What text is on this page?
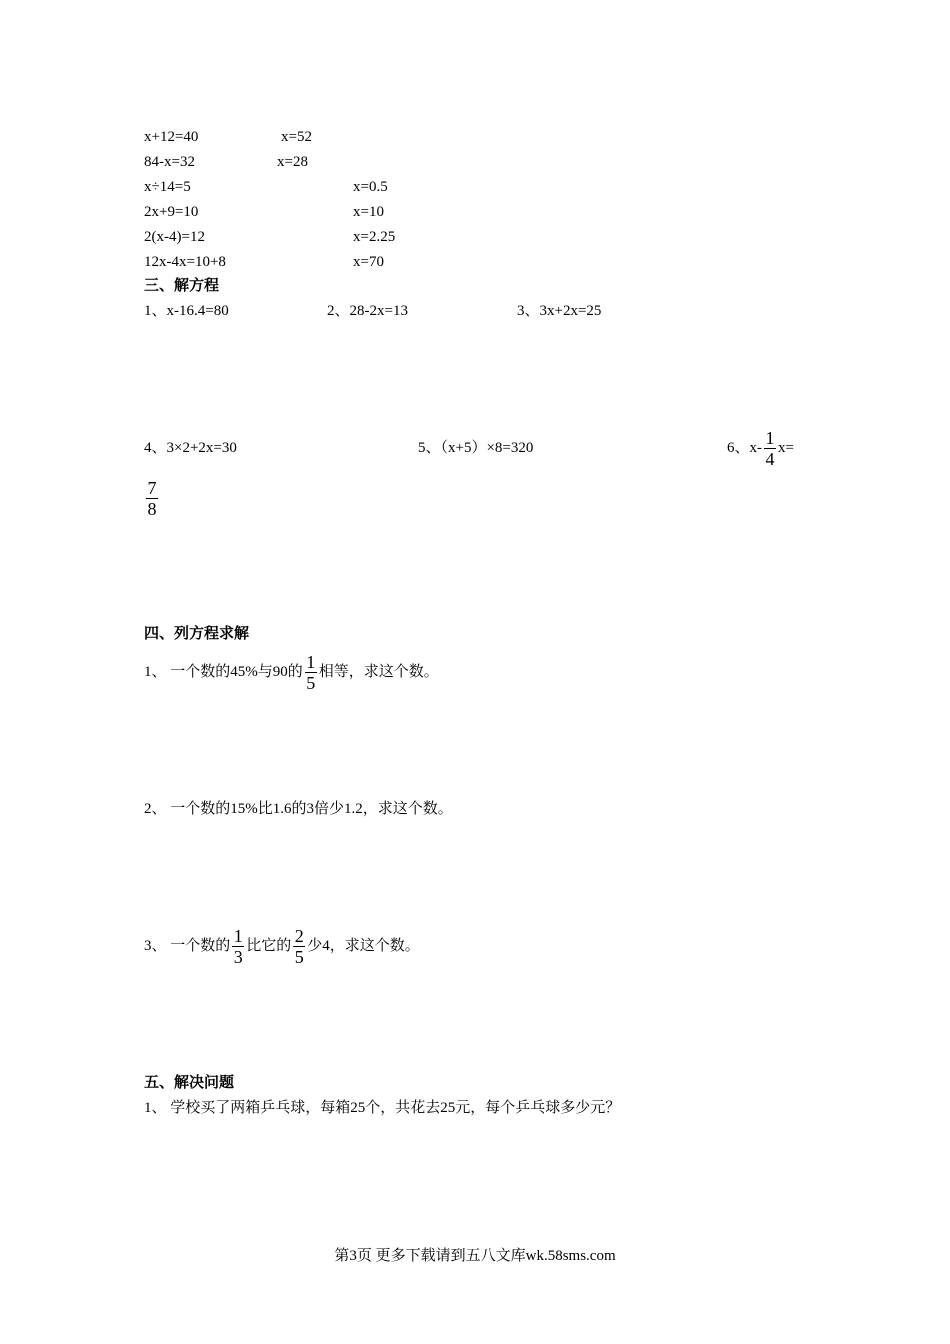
x+12=40	x=52
84-x=32	x=28
x÷14=5	x=0.5
2x+9=10	x=10
2(x-4)=12	x=2.25
12x-4x=10+8	x=70
三、解方程
1、x-16.4=80	2、28-2x=13	3、3x+2x=25
4、3×2+2x=30	5、（x+5）×8=320	6、$x- \frac{1}{4} x=$
$\frac{7}{8}$
四、列方程求解
1、 一个数的45%与90的 $\frac{1}{5}$ 相等，求这个数。
2、 一个数的15%比1.6的3倍少1.2，求这个数。
3、 一个数的 $\frac{1}{3}$ 比它的 $\frac{2}{5}$ 少4，求这个数。
五、解决问题
1、 学校买了两箱乒乓球，每箱25个，共花去25元，每个乒乓球多少元？
第3页 更多下载请到五八文库wk.58sms.com
